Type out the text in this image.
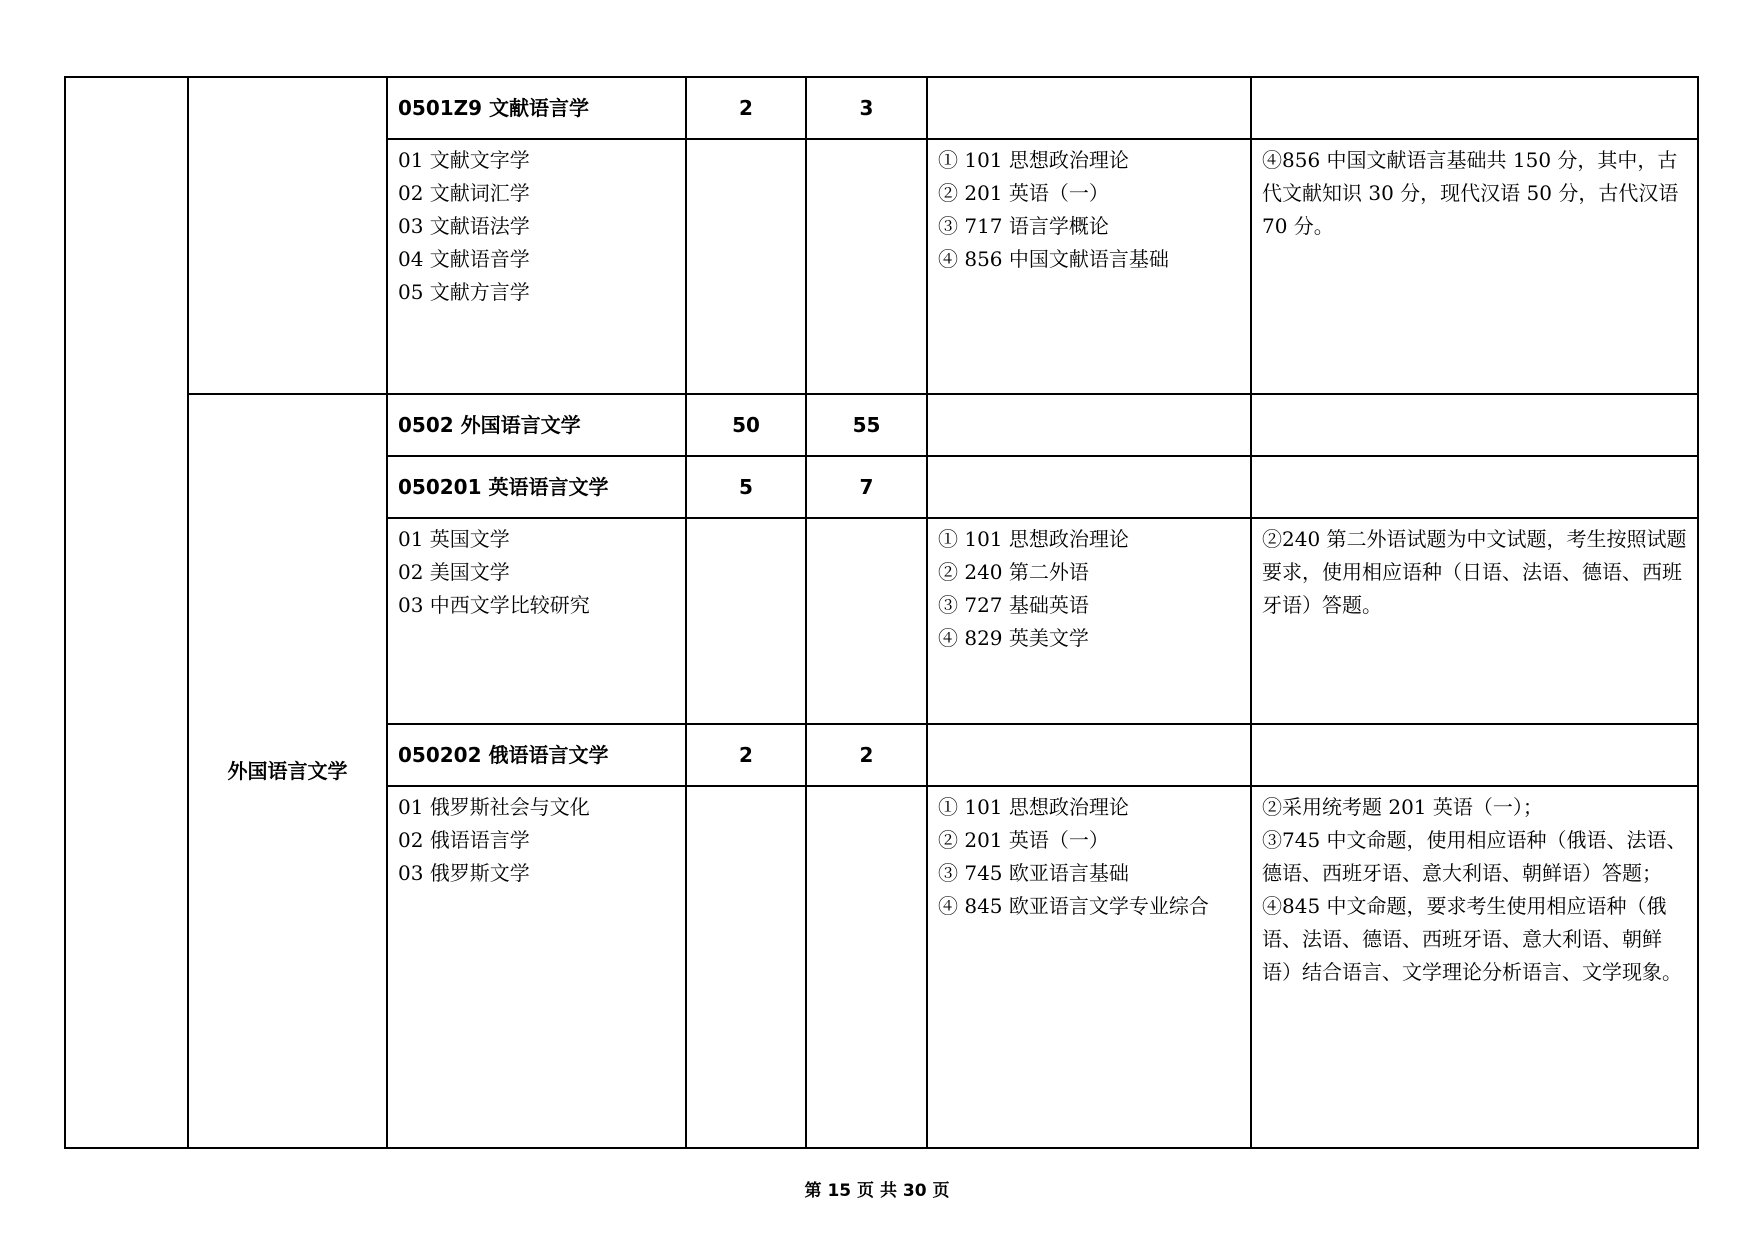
		0501Z9 文献语言学	2	3		

		01 文献文字学
02 文献词汇学
03 文献语法学
04 文献语音学
05 文献方言学			① 101 思想政治理论
② 201 英语（一）
③ 717 语言学概论
④ 856 中国文献语言基础	④856 中国文献语言基础共 150 分，其中，古代文献知识 30 分，现代汉语 50 分，古代汉语 70 分。

	外国语言文学	0502 外国语言文学	50	55		
		050201 英语语言文学	5	7		

		01 英国文学
02 美国文学
03 中西文学比较研究			① 101 思想政治理论
② 240 第二外语
③ 727 基础英语
④ 829 英美文学	②240 第二外语试题为中文试题，考生按照试题要求，使用相应语种（日语、法语、德语、西班牙语）答题。

		050202 俄语语言文学	2	2		

		01 俄罗斯社会与文化
02 俄语语言学
03 俄罗斯文学			① 101 思想政治理论
② 201 英语（一）
③ 745 欧亚语言基础
④ 845 欧亚语言文学专业综合	②采用统考题 201 英语（一）；
③745 中文命题，使用相应语种（俄语、法语、德语、西班牙语、意大利语、朝鲜语）答题；
④845 中文命题，要求考生使用相应语种（俄语、法语、德语、西班牙语、意大利语、朝鲜语）结合语言、文学理论分析语言、文学现象。
第 15 页 共 30 页
